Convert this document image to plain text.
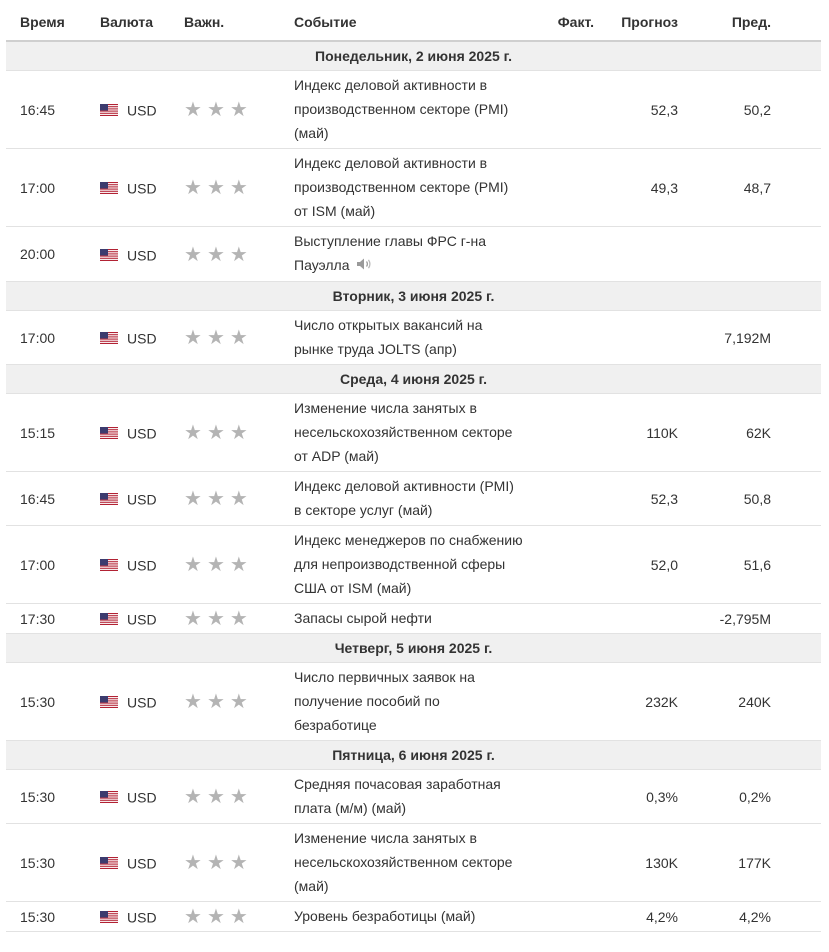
Время	Валюта	Важн.	Событие	Факт.	Прогноз	Пред.
Понедельник, 2 июня 2025 г.						
16:45	USD	★ ★ ★	Индекс деловой активности в производственном секторе (PMI) (май)		52,3	50,2
17:00	USD	★ ★ ★	Индекс деловой активности в производственном секторе (PMI) от ISM (май)		49,3	48,7
20:00	USD	★ ★ ★	Выступление главы ФРС г-на Пауэлла			
Вторник, 3 июня 2025 г.						
17:00	USD	★ ★ ★	Число открытых вакансий на рынке труда JOLTS (апр)			7,192M
Среда, 4 июня 2025 г.						
15:15	USD	★ ★ ★	Изменение числа занятых в несельскохозяйственном секторе от ADP (май)		110K	62K
16:45	USD	★ ★ ★	Индекс деловой активности (PMI) в секторе услуг (май)		52,3	50,8
17:00	USD	★ ★ ★	Индекс менеджеров по снабжению для непроизводственной сферы США от ISM (май)		52,0	51,6
17:30	USD	★ ★ ★	Запасы сырой нефти			-2,795M
Четверг, 5 июня 2025 г.						
15:30	USD	★ ★ ★	Число первичных заявок на получение пособий по безработице		232K	240K
Пятница, 6 июня 2025 г.						
15:30	USD	★ ★ ★	Средняя почасовая заработная плата (м/м) (май)		0,3%	0,2%
15:30	USD	★ ★ ★	Изменение числа занятых в несельскохозяйственном секторе (май)		130K	177K
15:30	USD	★ ★ ★	Уровень безработицы (май)		4,2%	4,2%
